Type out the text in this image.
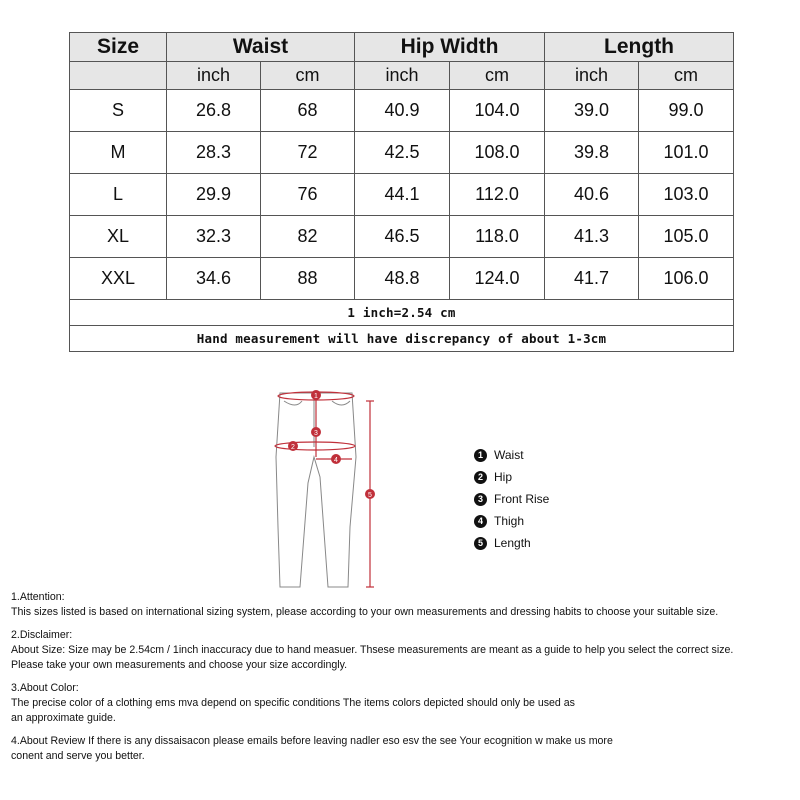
Size	Waist		Hip Width		Length	
	inch	cm	inch	cm	inch	cm
S	26.8	68	40.9	104.0	39.0	99.0
M	28.3	72	42.5	108.0	39.8	101.0
L	29.9	76	44.1	112.0	40.6	103.0
XL	32.3	82	46.5	118.0	41.3	105.0
XXL	34.6	88	48.8	124.0	41.7	106.0
1 inch=2.54 cm						
Hand measurement will have discrepancy of about 1-3cm						
1
2
3
4
5
1 Waist
2 Hip
3 Front Rise
4 Thigh
5 Length
1.Attention:
This sizes listed is based on international sizing system, please according to your own measurements and dressing habits to choose your suitable size.
2.Disclaimer:
About Size: Size may be 2.54cm / 1inch inaccuracy due to hand measuer. Thsese measurements are meant as a guide to help you select the correct size.
Please take your own measurements and choose your size accordingly.
3.About Color:
The precise color of a clothing ems mva depend on specific conditions The items colors depicted should only be used as
an approximate guide.
4.About Review If there is any dissaisacon please emails before leaving nadler eso esv the see Your ecognition w make us more
conent and serve you better.
